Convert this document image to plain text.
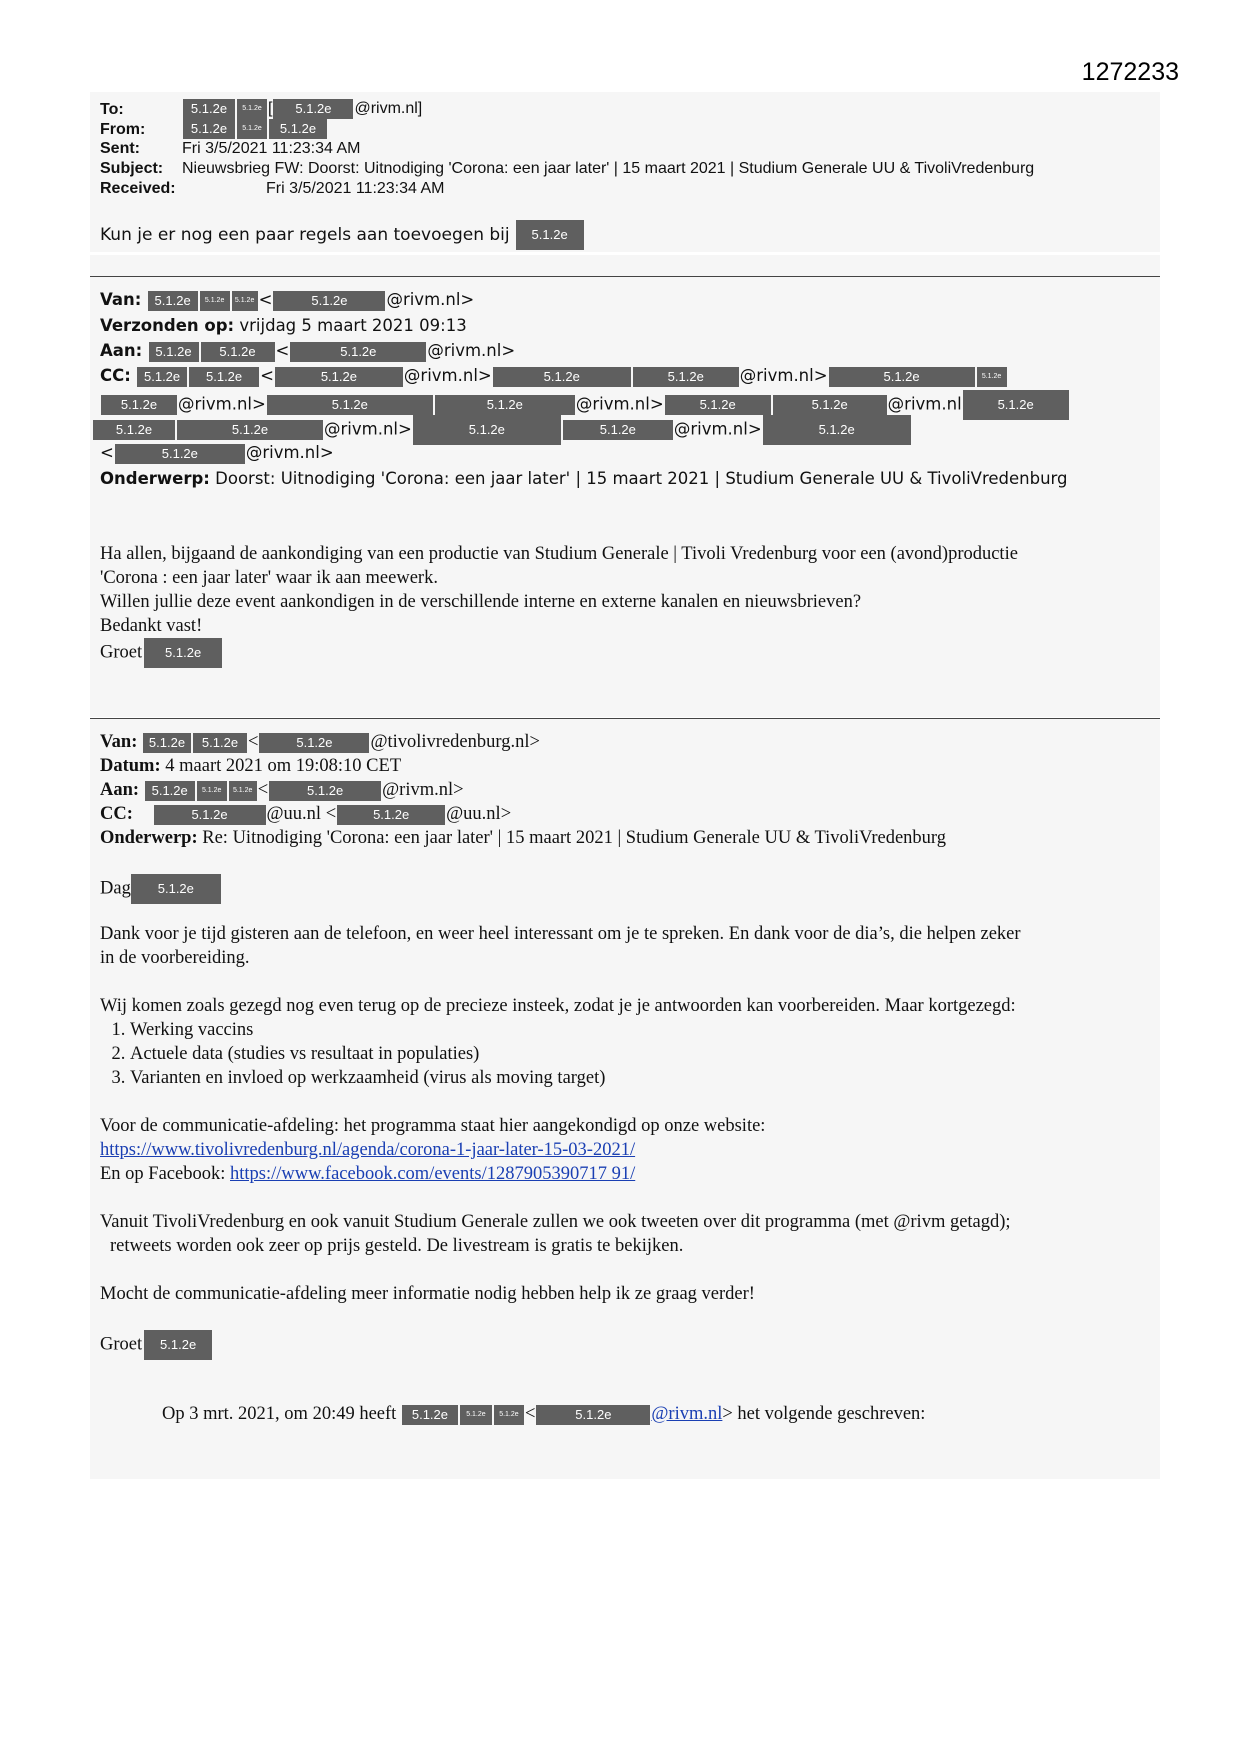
1272233
To:	5.1.2e 5.1.2e [ 5.1.2e @rivm.nl]
From:	5.1.2e 5.1.2e 5.1.2e
Sent:	Fri 3/5/2021 11:23:34 AM
Subject: Nieuwsbrieg FW: Doorst: Uitnodiging 'Corona: een jaar later' | 15 maart 2021 | Studium Generale UU & TivoliVredenburg
Received:	Fri 3/5/2021 11:23:34 AM
Kun je er nog een paar regels aan toevoegen bij 5.1.2e
Van: 5.1.2e 5.1.2e 5.1.2e <	5.1.2e @rivm.nl>
Verzonden op: vrijdag 5 maart 2021 09:13
Aan: 5.1.2e 5.1.2e <	5.1.2e	@rivm.nl>
CC: 5.1.2e 5.1.2e <	5.1.2e	@rivm.nl>	5.1.2e	5.1.2e @rivm.nl>	5.1.2e	5.1.2e
5.1.2e @rivm.nl>	5.1.2e	5.1.2e	@rivm.nl>	5.1.2e	5.1.2e @rivm.nl	5.1.2e
5.1.2e	5.1.2e	@rivm.nl>	5.1.2e	5.1.2e @rivm.nl>	5.1.2e
<	5.1.2e	@rivm.nl>
Onderwerp: Doorst: Uitnodiging 'Corona: een jaar later' | 15 maart 2021 | Studium Generale UU & TivoliVredenburg
Ha allen, bijgaand de aankondiging van een productie van Studium Generale | Tivoli Vredenburg voor een (avond)productie
'Corona : een jaar later' waar ik aan meewerk.
Willen jullie deze event aankondigen in de verschillende interne en externe kanalen en nieuwsbrieven?
Bedankt vast!
Groet 5.1.2e
Van: 5.1.2e 5.1.2e <	5.1.2e @tivolivredenburg.nl>
Datum: 4 maart 2021 om 19:08:10 CET
Aan: 5.1.2e 5.1.2e 5.1.2e <	5.1.2e @rivm.nl>
CC:	5.1.2e @uu.nl <	5.1.2e @uu.nl>
Onderwerp: Re: Uitnodiging 'Corona: een jaar later' | 15 maart 2021 | Studium Generale UU & TivoliVredenburg
Dag 5.1.2e
Dank voor je tijd gisteren aan de telefoon, en weer heel interessant om je te spreken. En dank voor de dia’s, die helpen zeker
in de voorbereiding.
Wij komen zoals gezegd nog even terug op de precieze insteek, zodat je je antwoorden kan voorbereiden. Maar kortgezegd:
1. Werking vaccins
2. Actuele data (studies vs resultaat in populaties)
3. Varianten en invloed op werkzaamheid (virus als moving target)
Voor de communicatie-afdeling: het programma staat hier aangekondigd op onze website:
https://www.tivolivredenburg.nl/agenda/corona-1-jaar-later-15-03-2021/
En op Facebook: https://www.facebook.com/events/1287905390717 91/
Vanuit TivoliVredenburg en ook vanuit Studium Generale zullen we ook tweeten over dit programma (met @rivm getagd);
retweets worden ook zeer op prijs gesteld. De livestream is gratis te bekijken.
Mocht de communicatie-afdeling meer informatie nodig hebben help ik ze graag verder!
Groet 5.1.2e
Op 3 mrt. 2021, om 20:49 heeft 5.1.2e	5.1.2e 5.1.2e <	5.1.2e @rivm.nl> het volgende geschreven:
